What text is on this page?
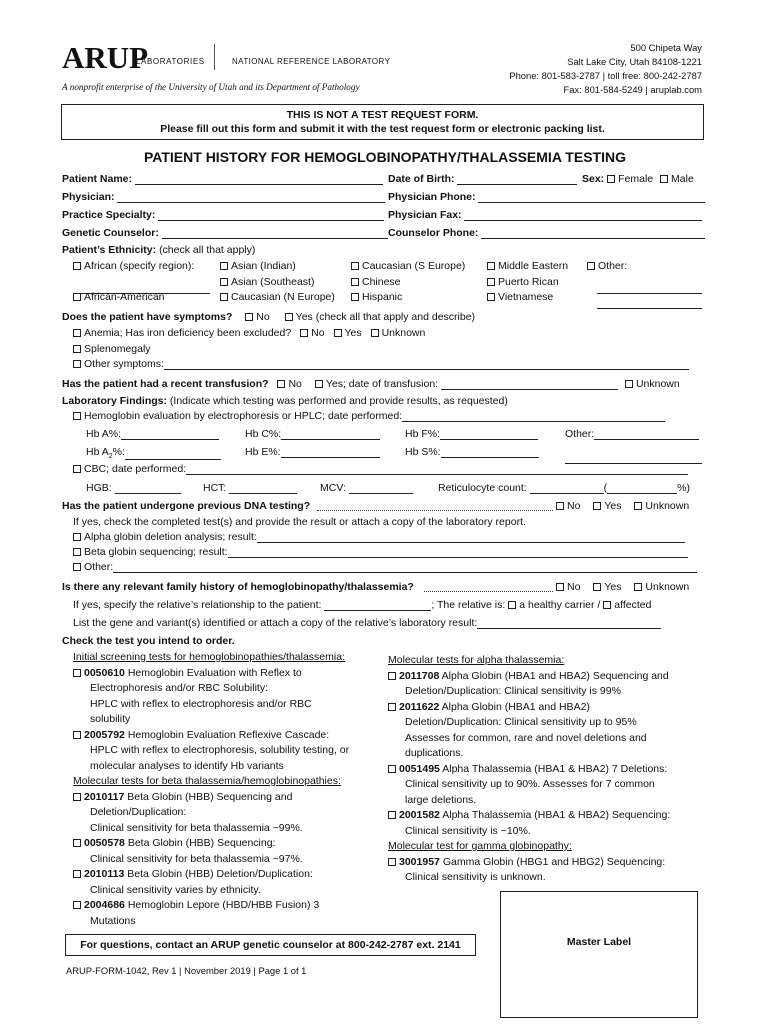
ARUP
LABORATORIES	NATIONAL REFERENCE LABORATORY
A nonprofit enterprise of the University of Utah and its Department of Pathology
500 Chipeta Way
Salt Lake City, Utah 84108-1221
Phone: 801-583-2787 | toll free: 800-242-2787
Fax: 801-584-5249 | aruplab.com
THIS IS NOT A TEST REQUEST FORM.
Please fill out this form and submit it with the test request form or electronic packing list.
PATIENT HISTORY FOR HEMOGLOBINOPATHY/THALASSEMIA TESTING
Patient Name:	Date of Birth:	Sex: Female Male
Physician:	Physician Phone:
Practice Specialty:	Physician Fax:
Genetic Counselor:	Counselor Phone:
Patient’s Ethnicity: (check all that apply)
African (specify region):	Asian (Indian)	Caucasian (S Europe)	Middle Eastern	Other:
Asian (Southeast)	Chinese	Puerto Rican
African-American	Caucasian (N Europe)	Hispanic	Vietnamese
Does the patient have symptoms? No Yes (check all that apply and describe)
Anemia; Has iron deficiency been excluded? No Yes Unknown
Splenomegaly
Other symptoms:
Has the patient had a recent transfusion? No Yes; date of transfusion:	Unknown
Laboratory Findings: (Indicate which testing was performed and provide results, as requested)
Hemoglobin evaluation by electrophoresis or HPLC; date performed:
Hb A%:	Hb C%:	Hb F%:	Other:
Hb $A_2\%$:	Hb E%:	Hb S%:
CBC; date performed:
HGB:	HCT:	MCV:	Reticulocyte count:	(	%)
Has the patient undergone previous DNA testing?	No Yes Unknown
If yes, check the completed test(s) and provide the result or attach a copy of the laboratory report.
Alpha globin deletion analysis; result:
Beta globin sequencing; result:
Other:
Is there any relevant family history of hemoglobinopathy/thalassemia?	No Yes Unknown
If yes, specify the relative’s relationship to the patient:	; The relative is: a healthy carrier / affected
List the gene and variant(s) identified or attach a copy of the relative’s laboratory result:
Check the test you intend to order.
Initial screening tests for hemoglobinopathies/thalassemia:
0050610 Hemoglobin Evaluation with Reflex to
Electrophoresis and/or RBC Solubility:
HPLC with reflex to electrophoresis and/or RBC
solubility
2005792 Hemoglobin Evaluation Reflexive Cascade:
HPLC with reflex to electrophoresis, solubility testing, or
molecular analyses to identify Hb variants
Molecular tests for beta thalassemia/hemoglobinopathies:
2010117 Beta Globin (HBB) Sequencing and
Deletion/Duplication:
Clinical sensitivity for beta thalassemia ~99%.
0050578 Beta Globin (HBB) Sequencing:
Clinical sensitivity for beta thalassemia ~97%.
2010113 Beta Globin (HBB) Deletion/Duplication:
Clinical sensitivity varies by ethnicity.
2004686 Hemoglobin Lepore (HBD/HBB Fusion) 3
Mutations
Molecular tests for alpha thalassemia:
2011708 Alpha Globin (HBA1 and HBA2) Sequencing and
Deletion/Duplication: Clinical sensitivity is 99%
2011622 Alpha Globin (HBA1 and HBA2)
Deletion/Duplication: Clinical sensitivity up to 95%
Assesses for common, rare and novel deletions and
duplications.
0051495 Alpha Thalassemia (HBA1 & HBA2) 7 Deletions:
Clinical sensitivity up to 90%. Assesses for 7 common
large deletions.
2001582 Alpha Thalassemia (HBA1 & HBA2) Sequencing:
Clinical sensitivity is ~10%.
Molecular test for gamma globinopathy:
3001957 Gamma Globin (HBG1 and HBG2) Sequencing:
Clinical sensitivity is unknown.
For questions, contact an ARUP genetic counselor at 800-242-2787 ext. 2141	Master Label
ARUP-FORM-1042, Rev 1 | November 2019 | Page 1 of 1
